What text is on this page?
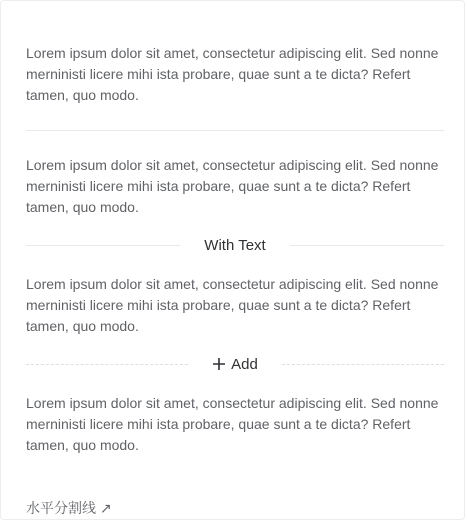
Lorem ipsum dolor sit amet, consectetur adipiscing elit. Sed nonne merninisti licere mihi ista probare, quae sunt a te dicta? Refert tamen, quo modo.

Lorem ipsum dolor sit amet, consectetur adipiscing elit. Sed nonne merninisti licere mihi ista probare, quae sunt a te dicta? Refert tamen, quo modo.

With Text

Lorem ipsum dolor sit amet, consectetur adipiscing elit. Sed nonne merninisti licere mihi ista probare, quae sunt a te dicta? Refert tamen, quo modo.

Add

Lorem ipsum dolor sit amet, consectetur adipiscing elit. Sed nonne merninisti licere mihi ista probare, quae sunt a te dicta? Refert tamen, quo modo.

水平分割线 ↗
